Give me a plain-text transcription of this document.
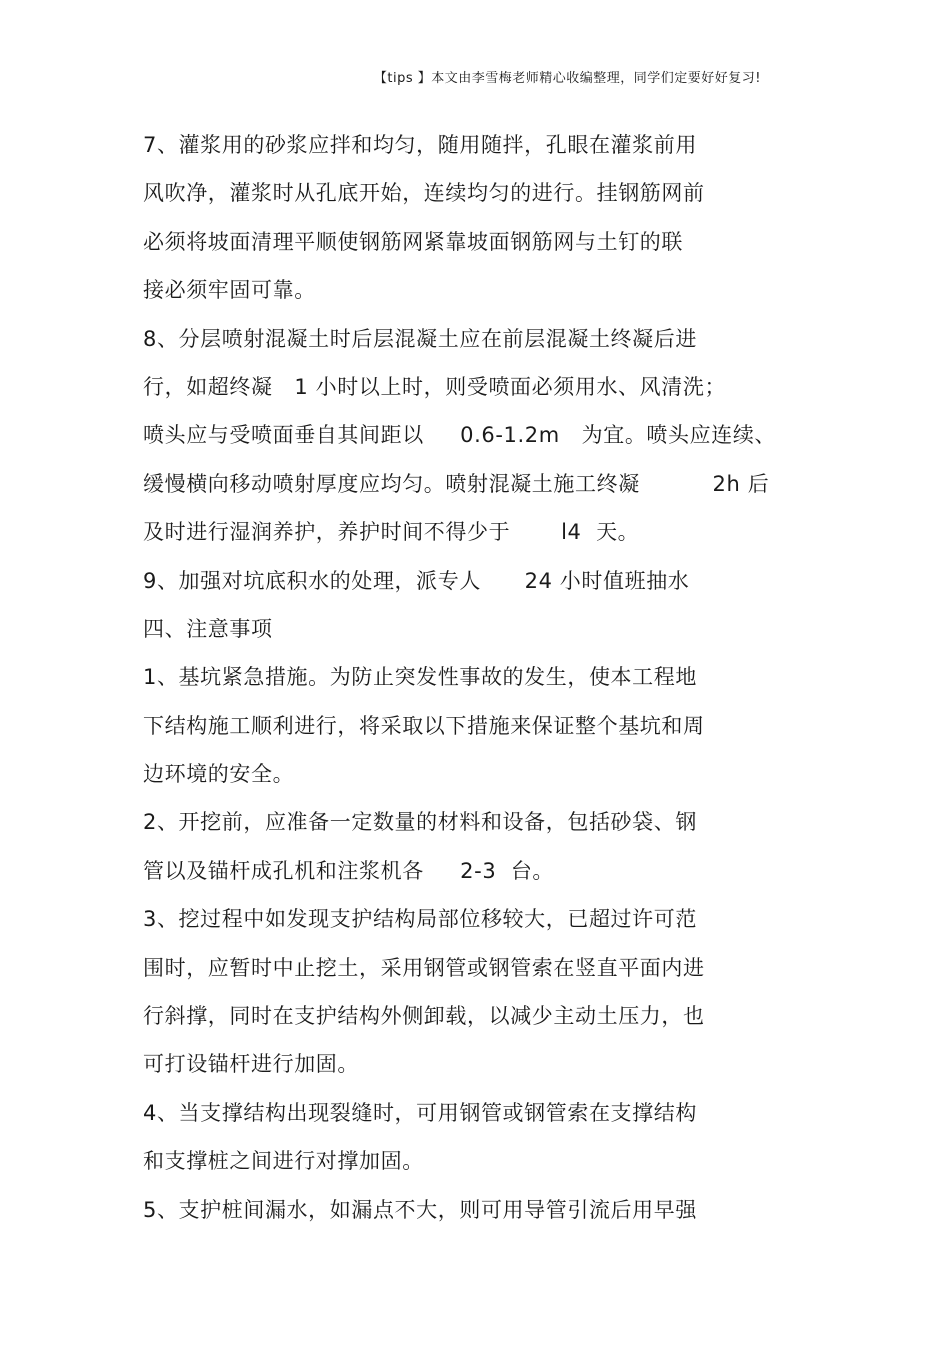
【tips 】本文由李雪梅老师精心收编整理，同学们定要好好复习!
7、灌浆用的砂浆应拌和均匀，随用随拌，孔眼在灌浆前用
风吹净，灌浆时从孔底开始，连续均匀的进行。挂钢筋网前
必须将坡面清理平顺使钢筋网紧靠坡面钢筋网与土钉的联
接必须牢固可靠。
8、分层喷射混凝土时后层混凝土应在前层混凝土终凝后进
行，如超终凝   1 小时以上时，则受喷面必须用水、风清洗；
喷头应与受喷面垂自其间距以     0.6-1.2m   为宜。喷头应连续、
缓慢横向移动喷射厚度应均匀。喷射混凝土施工终凝          2h 后
及时进行湿润养护，养护时间不得少于       l4  天。
9、加强对坑底积水的处理，派专人      24 小时值班抽水
四、注意事项
1、基坑紧急措施。为防止突发性事故的发生，使本工程地
下结构施工顺利进行，将采取以下措施来保证整个基坑和周
边环境的安全。
2、开挖前，应准备一定数量的材料和设备，包括砂袋、钢
管以及锚杆成孔机和注浆机各     2-3  台。
3、挖过程中如发现支护结构局部位移较大，已超过许可范
围时，应暂时中止挖土，采用钢管或钢管索在竖直平面内进
行斜撑，同时在支护结构外侧卸载，以减少主动土压力，也
可打设锚杆进行加固。
4、当支撑结构出现裂缝时，可用钢管或钢管索在支撑结构
和支撑桩之间进行对撑加固。
5、支护桩间漏水，如漏点不大，则可用导管引流后用早强
